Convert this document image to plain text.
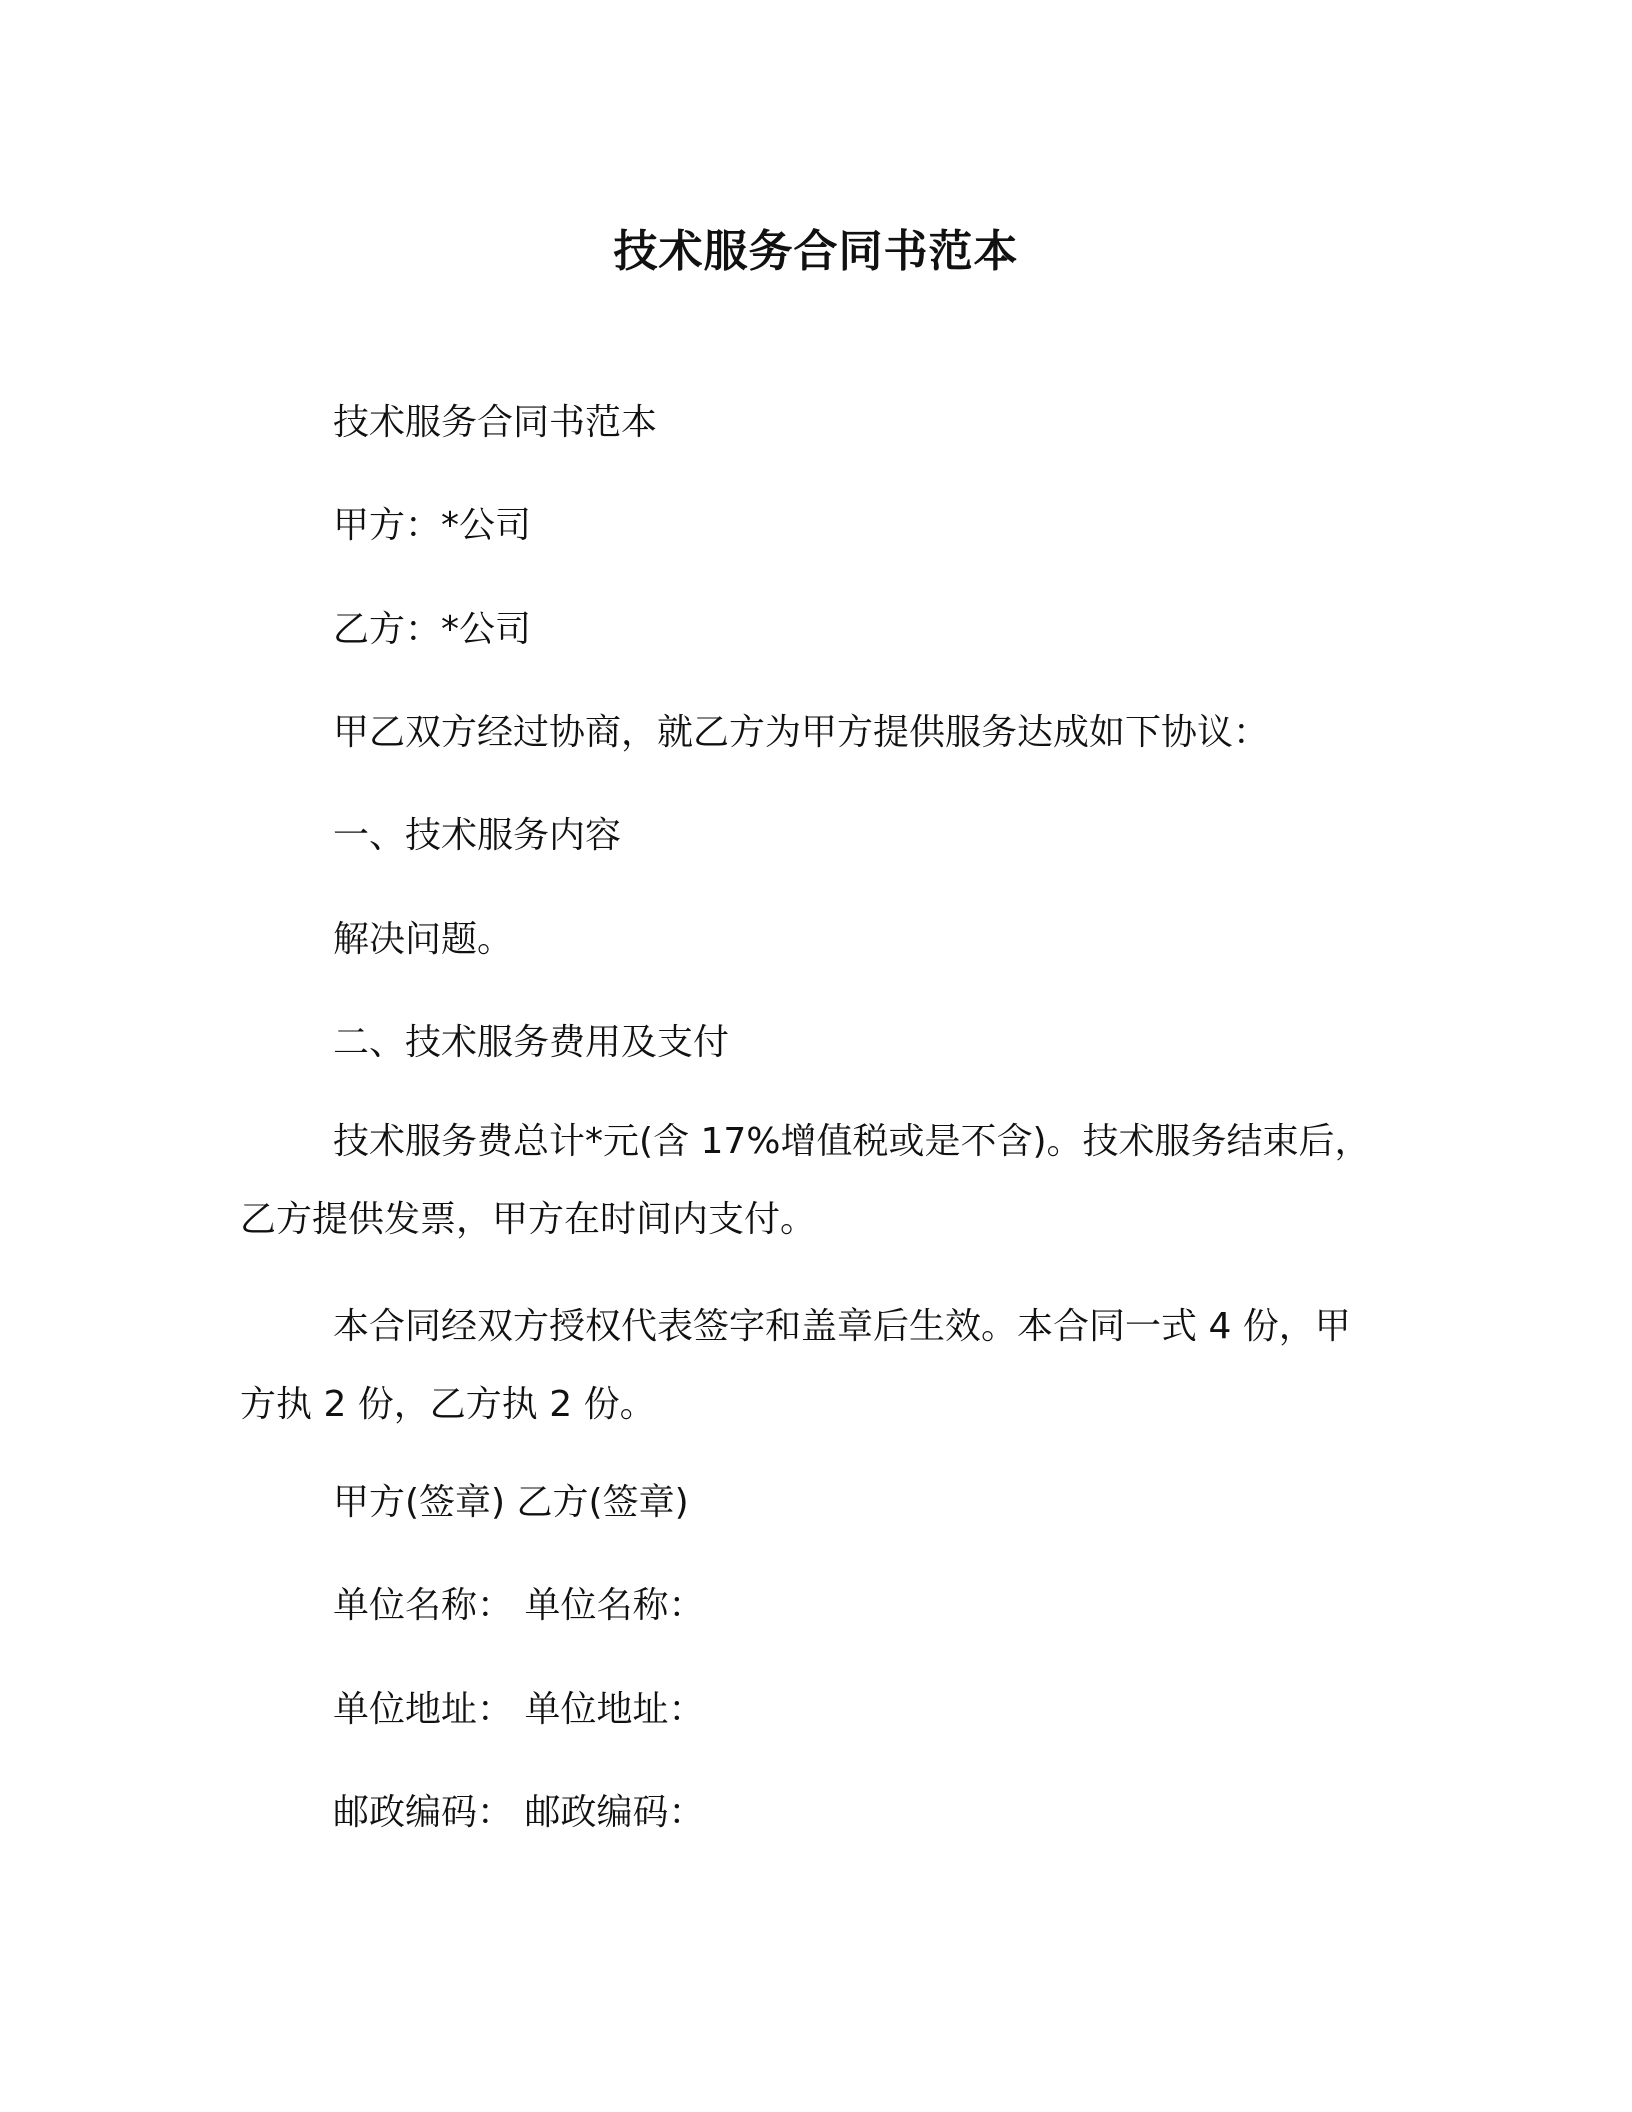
技术服务合同书范本
技术服务合同书范本
甲方：*公司
乙方：*公司
甲乙双方经过协商，就乙方为甲方提供服务达成如下协议：
一、技术服务内容
解决问题。
二、技术服务费用及支付
技术服务费总计*元(含 17%增值税或是不含)。技术服务结束后，乙方提供发票，甲方在时间内支付。
本合同经双方授权代表签字和盖章后生效。本合同一式 4 份，甲方执 2 份，乙方执 2 份。
甲方(签章) 乙方(签章)
单位名称： 单位名称：
单位地址： 单位地址：
邮政编码： 邮政编码：
